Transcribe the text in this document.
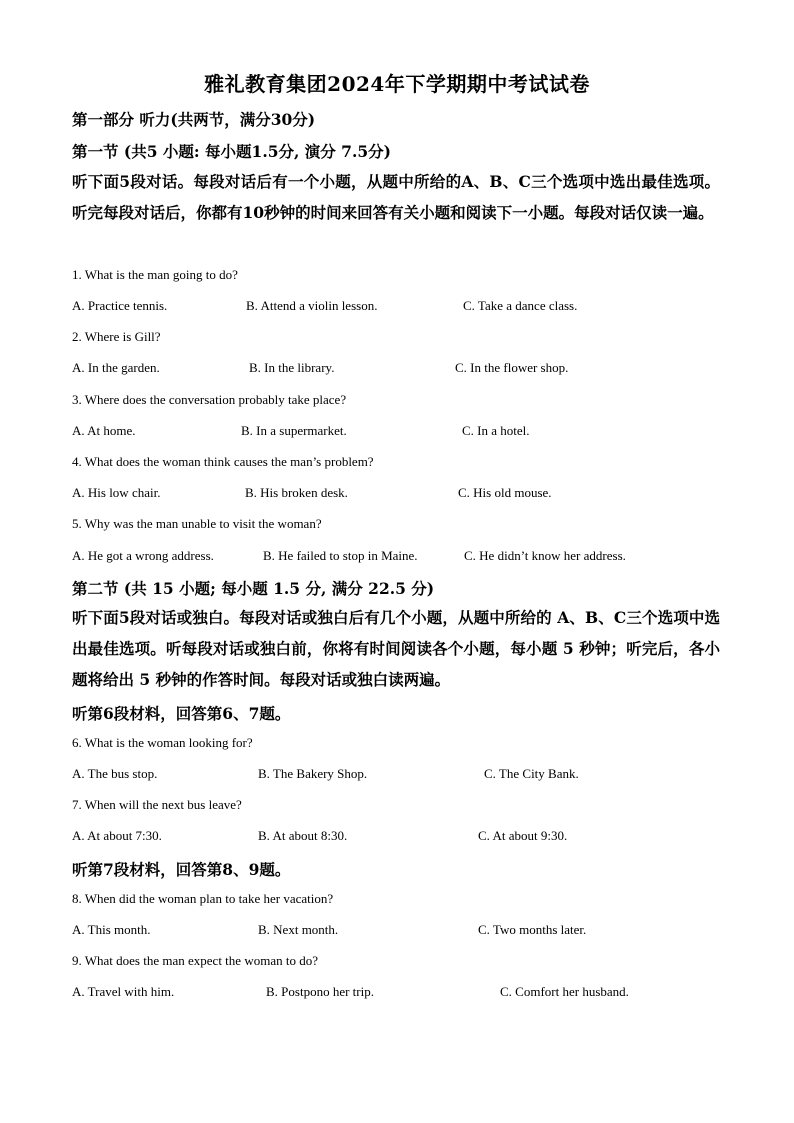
雅礼教育集团2024年下学期期中考试试卷
第一部分 听力(共两节，满分30分)
第一节 (共5 小题: 每小题1.5分, 演分 7.5分)
听下面5段对话。每段对话后有一个小题，从题中所给的A、B、C三个选项中选出最佳选项。听完每段对话后，你都有10秒钟的时间来回答有关小题和阅读下一小题。每段对话仅读一遍。
1. What is the man going to do?
A. Practice tennis.	B. Attend a violin lesson.	C. Take a dance class.
2. Where is Gill?
A. In the garden.	B. In the library.	C. In the flower shop.
3. Where does the conversation probably take place?
A. At home.	B. In a supermarket.	C. In a hotel.
4. What does the woman think causes the man’s problem?
A. His low chair.	B. His broken desk.	C. His old mouse.
5. Why was the man unable to visit the woman?
A. He got a wrong address.	B. He failed to stop in Maine.	C. He didn’t know her address.
第二节 (共 15 小题; 每小题 1.5 分, 满分 22.5 分)
听下面5段对话或独白。每段对话或独白后有几个小题，从题中所给的 A、B、C三个选项中选出最佳选项。听每段对话或独白前，你将有时间阅读各个小题，每小题 5 秒钟；听完后，各小题将给出 5 秒钟的作答时间。每段对话或独白读两遍。
听第6段材料，回答第6、7题。
6. What is the woman looking for?
A. The bus stop.	B. The Bakery Shop.	C. The City Bank.
7. When will the next bus leave?
A. At about 7:30.	B. At about 8:30.	C. At about 9:30.
听第7段材料，回答第8、9题。
8. When did the woman plan to take her vacation?
A. This month.	B. Next month.	C. Two months later.
9. What does the man expect the woman to do?
A. Travel with him.	B. Postpono her trip.	C. Comfort her husband.
